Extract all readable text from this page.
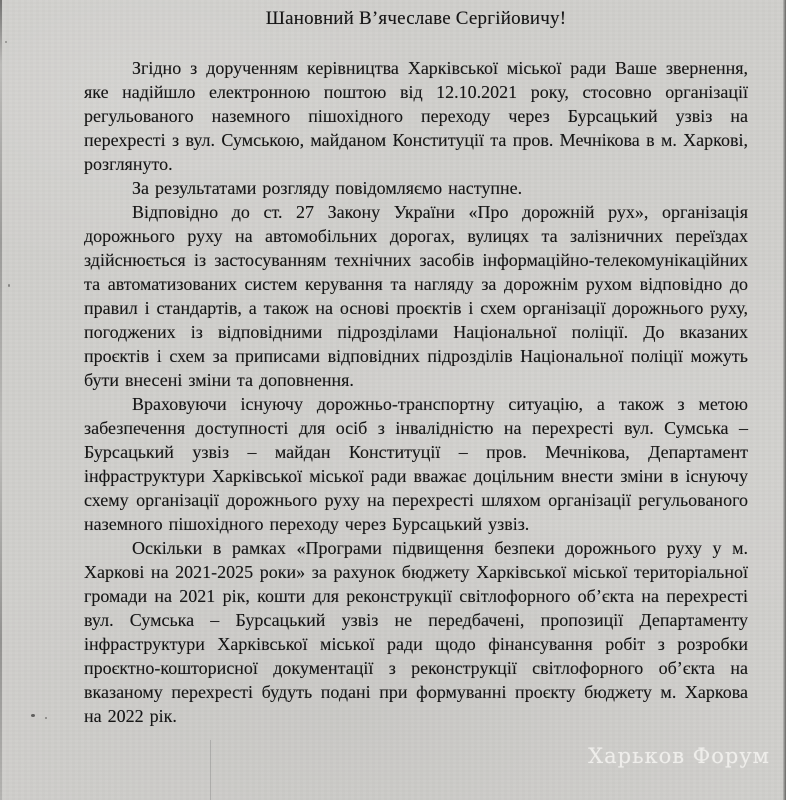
Шановний В’ячеславе Сергійовичу!

Згідно з дорученням керівництва Харківської міської ради Ваше звернення, яке надійшло електронною поштою від 12.10.2021 року, стосовно організації регульованого наземного пішохідного переходу через Бурсацький узвіз на перехресті з вул. Сумською, майданом Конституції та пров. Мечнікова в м. Харкові, розглянуто.

За результатами розгляду повідомляємо наступне.

Відповідно до ст. 27 Закону України «Про дорожній рух», організація дорожнього руху на автомобільних дорогах, вулицях та залізничних переїздах здійснюється із застосуванням технічних засобів інформаційно-телекомунікаційних та автоматизованих систем керування та нагляду за дорожнім рухом відповідно до правил і стандартів, а також на основі проєктів і схем організації дорожнього руху, погоджених із відповідними підрозділами Національної поліції. До вказаних проєктів і схем за приписами відповідних підрозділів Національної поліції можуть бути внесені зміни та доповнення.

Враховуючи існуючу дорожньо-транспортну ситуацію, а також з метою забезпечення доступності для осіб з інвалідністю на перехресті вул. Сумська – Бурсацький узвіз – майдан Конституції – пров. Мечнікова, Департамент інфраструктури Харківської міської ради вважає доцільним внести зміни в існуючу схему організації дорожнього руху на перехресті шляхом організації регульованого наземного пішохідного переходу через Бурсацький узвіз.

Оскільки в рамках «Програми підвищення безпеки дорожнього руху у м. Харкові на 2021-2025 роки» за рахунок бюджету Харківської міської територіальної громади на 2021 рік, кошти для реконструкції світлофорного об’єкта на перехресті вул. Сумська – Бурсацький узвіз не передбачені, пропозиції Департаменту інфраструктури Харківської міської ради щодо фінансування робіт з розробки проєктно-кошторисної документації з реконструкції світлофорного об’єкта на вказаному перехресті будуть подані при формуванні проєкту бюджету м. Харкова на 2022 рік.

Харьков Форум
